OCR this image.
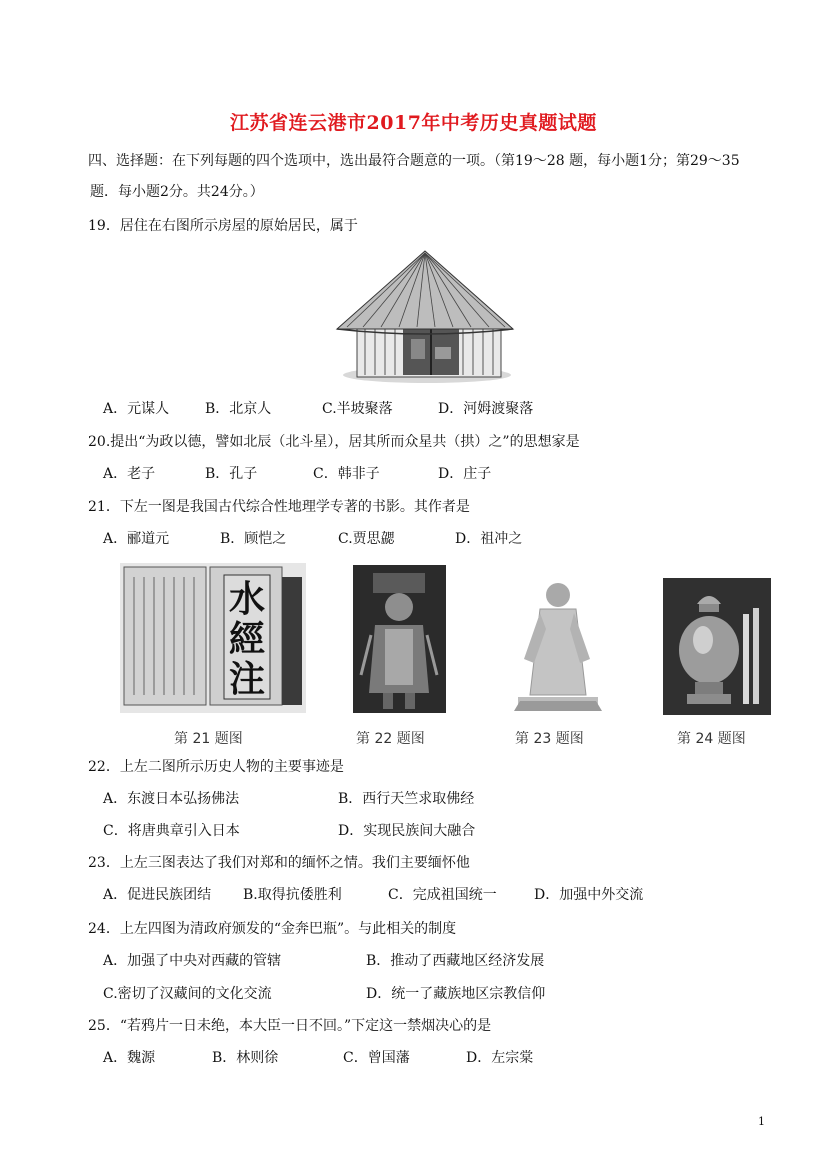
江苏省连云港市2017年中考历史真题试题
四、选择题：在下列每题的四个选项中，选出最符合题意的一项。（第19～28 题，每小题1分；第29～35
题．每小题2分。共24分。）
19．居住在右图所示房屋的原始居民，属于
A．元谋人	B．北京人	C.半坡聚落	D．河姆渡聚落
20.提出“为政以德，譬如北辰（北斗星），居其所而众星共（拱）之”的思想家是
A．老子	B．孔子	C．韩非子	D．庄子
21．下左一图是我国古代综合性地理学专著的书影。其作者是
A．郦道元	B．顾恺之	C.贾思勰	D．祖冲之
水經注
第 21 题图	第 22 题图	第 23 题图	第 24 题图
22．上左二图所示历史人物的主要事迹是
A．东渡日本弘扬佛法	B．西行天竺求取佛经
C．将唐典章引入日本	D．实现民族间大融合
23．上左三图表达了我们对郑和的缅怀之情。我们主要缅怀他
A．促进民族团结 B.取得抗倭胜利	C．完成祖国统一	D．加强中外交流
24．上左四图为清政府颁发的“金奔巴瓶”。与此相关的制度
A．加强了中央对西藏的管辖	B．推动了西藏地区经济发展
C.密切了汉藏间的文化交流	D．统一了藏族地区宗教信仰
25．“若鸦片一日未绝，本大臣一日不回。”下定这一禁烟决心的是
A．魏源	B．林则徐	C．曾国藩	D．左宗棠
1
